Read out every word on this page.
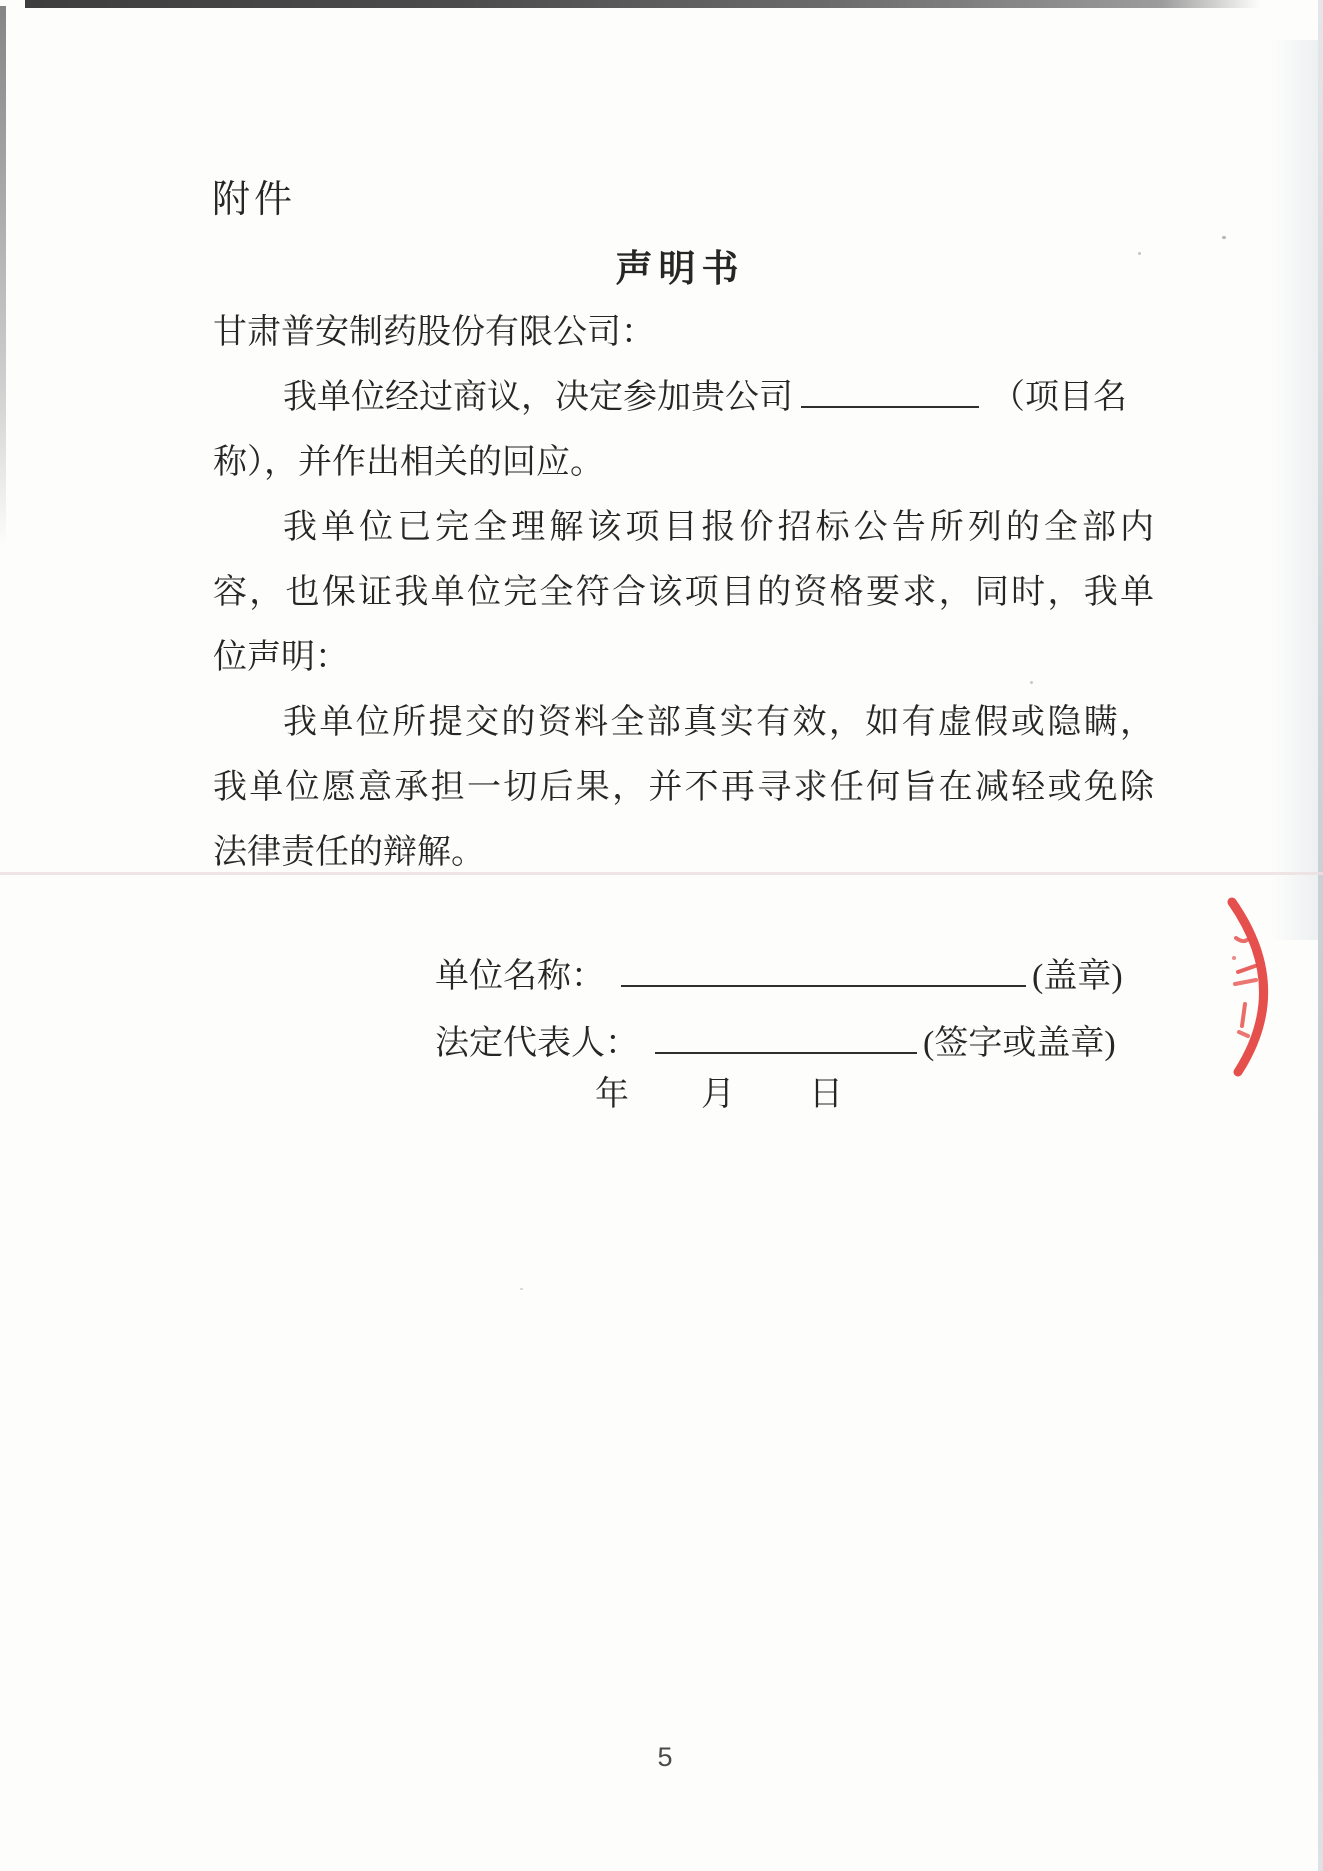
附件
声明书
甘肃普安制药股份有限公司：
我单位经过商议，决定参加贵公司	（项目名
称），并作出相关的回应。
我单位已完全理解该项目报价招标公告所列的全部内
容，也保证我单位完全符合该项目的资格要求，同时，我单
位声明：
我单位所提交的资料全部真实有效，如有虚假或隐瞒，
我单位愿意承担一切后果，并不再寻求任何旨在减轻或免除
法律责任的辩解。
单位名称：	(盖章)
法定代表人：	(签字或盖章)
年 月 日
5
